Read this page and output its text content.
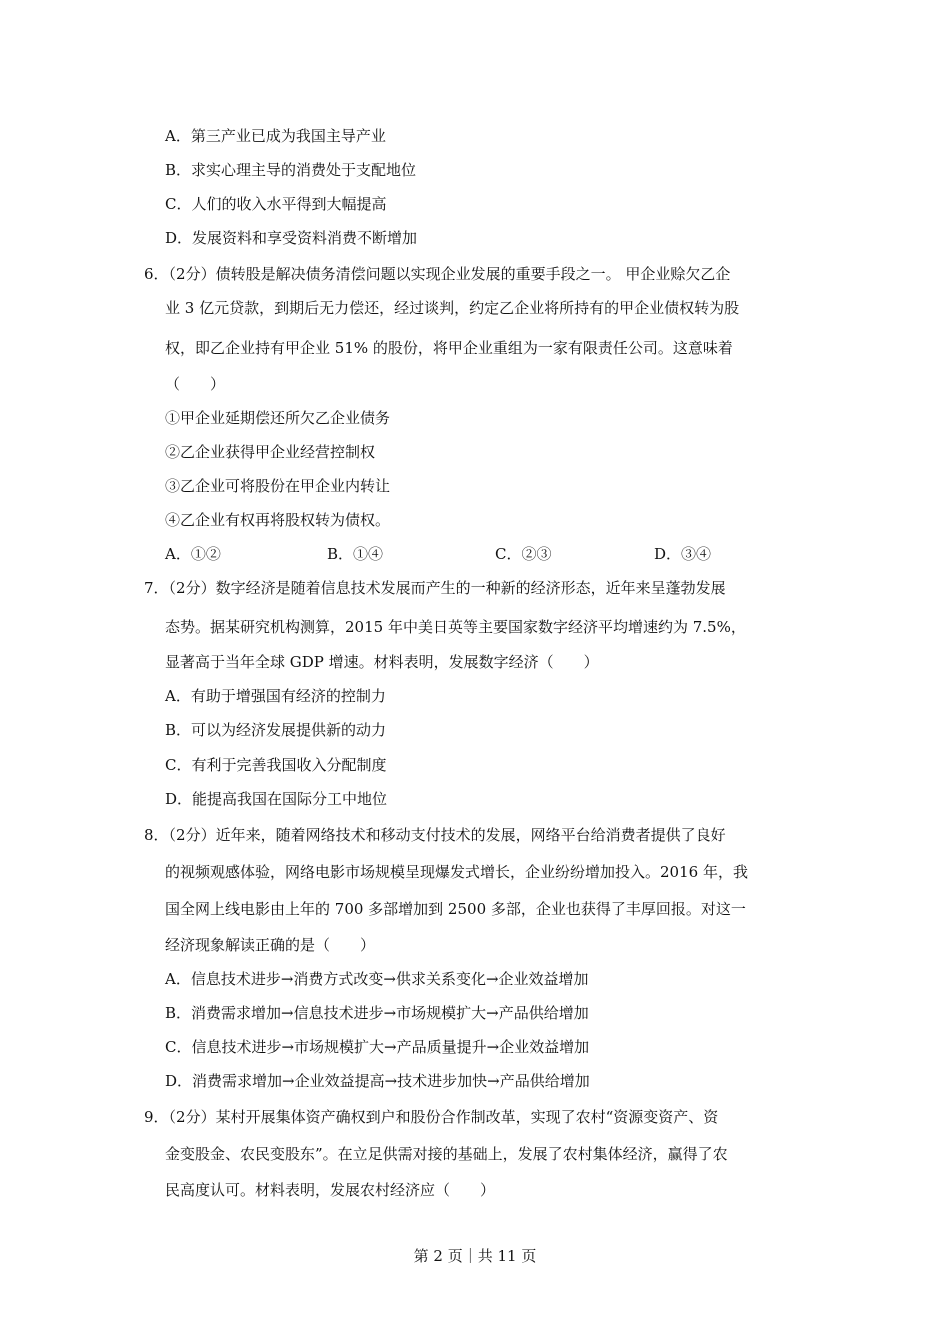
A．第三产业已成为我国主导产业
B．求实心理主导的消费处于支配地位
C．人们的收入水平得到大幅提高
D．发展资料和享受资料消费不断增加
6．（2分）债转股是解决债务清偿问题以实现企业发展的重要手段之一。 甲企业赊欠乙企
业 3 亿元贷款，到期后无力偿还，经过谈判，约定乙企业将所持有的甲企业债权转为股
权，即乙企业持有甲企业 51% 的股份，将甲企业重组为一家有限责任公司。这意味着
（　　）
①甲企业延期偿还所欠乙企业债务
②乙企业获得甲企业经营控制权
③乙企业可将股份在甲企业内转让
④乙企业有权再将股权转为债权。
A．①②	B．①④	C．②③	D．③④
7．（2分）数字经济是随着信息技术发展而产生的一种新的经济形态，近年来呈蓬勃发展
态势。据某研究机构测算，2015 年中美日英等主要国家数字经济平均增速约为 7.5%，
显著高于当年全球 GDP 增速。材料表明，发展数字经济（　　）
A．有助于增强国有经济的控制力
B．可以为经济发展提供新的动力
C．有利于完善我国收入分配制度
D．能提高我国在国际分工中地位
8．（2分）近年来，随着网络技术和移动支付技术的发展，网络平台给消费者提供了良好
的视频观感体验，网络电影市场规模呈现爆发式增长，企业纷纷增加投入。2016 年，我
国全网上线电影由上年的 700 多部增加到 2500 多部，企业也获得了丰厚回报。对这一
经济现象解读正确的是（　　）
A．信息技术进步→消费方式改变→供求关系变化→企业效益增加
B．消费需求增加→信息技术进步→市场规模扩大→产品供给增加
C．信息技术进步→市场规模扩大→产品质量提升→企业效益增加
D．消费需求增加→企业效益提高→技术进步加快→产品供给增加
9．（2分）某村开展集体资产确权到户和股份合作制改革，实现了农村“资源变资产、资
金变股金、农民变股东”。在立足供需对接的基础上，发展了农村集体经济，赢得了农
民高度认可。材料表明，发展农村经济应（　　）
第 2 页｜共 11 页
